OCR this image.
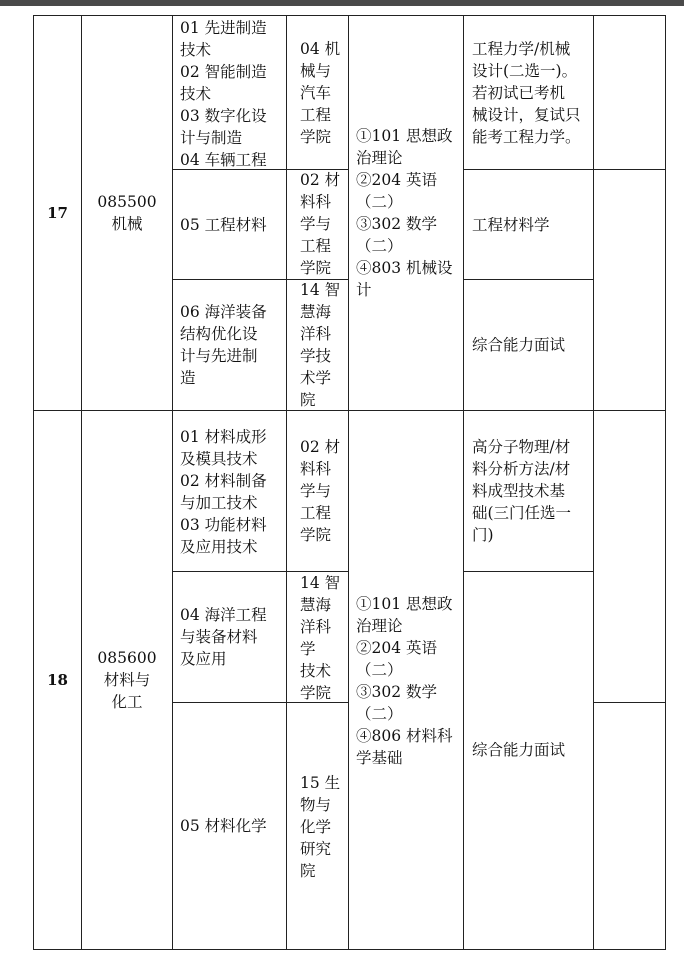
17
085500
机械
01 先进制造
技术
02 智能制造
技术
03 数字化设
计与制造
04 车辆工程
05 工程材料
06 海洋装备
结构优化设
计与先进制
造
04 机
械与
汽车
工程
学院
02 材
料科
学与
工程
学院
14 智
慧海
洋科
学技
术学
院
①101 思想政
治理论
②204 英语
（二）
③302 数学
（二）
④803 机械设
计
工程力学/机械
设计(二选一)。
若初试已考机
械设计，复试只
能考工程力学。
工程材料学
综合能力面试
18
085600
材料与
化工
01 材料成形
及模具技术
02 材料制备
与加工技术
03 功能材料
及应用技术
04 海洋工程
与装备材料
及应用
05 材料化学
02 材
料科
学与
工程
学院
14 智
慧海
洋科
学
技术
学院
15 生
物与
化学
研究
院
①101 思想政
治理论
②204 英语
（二）
③302 数学
（二）
④806 材料科
学基础
高分子物理/材
料分析方法/材
料成型技术基
础(三门任选一
门)
综合能力面试
